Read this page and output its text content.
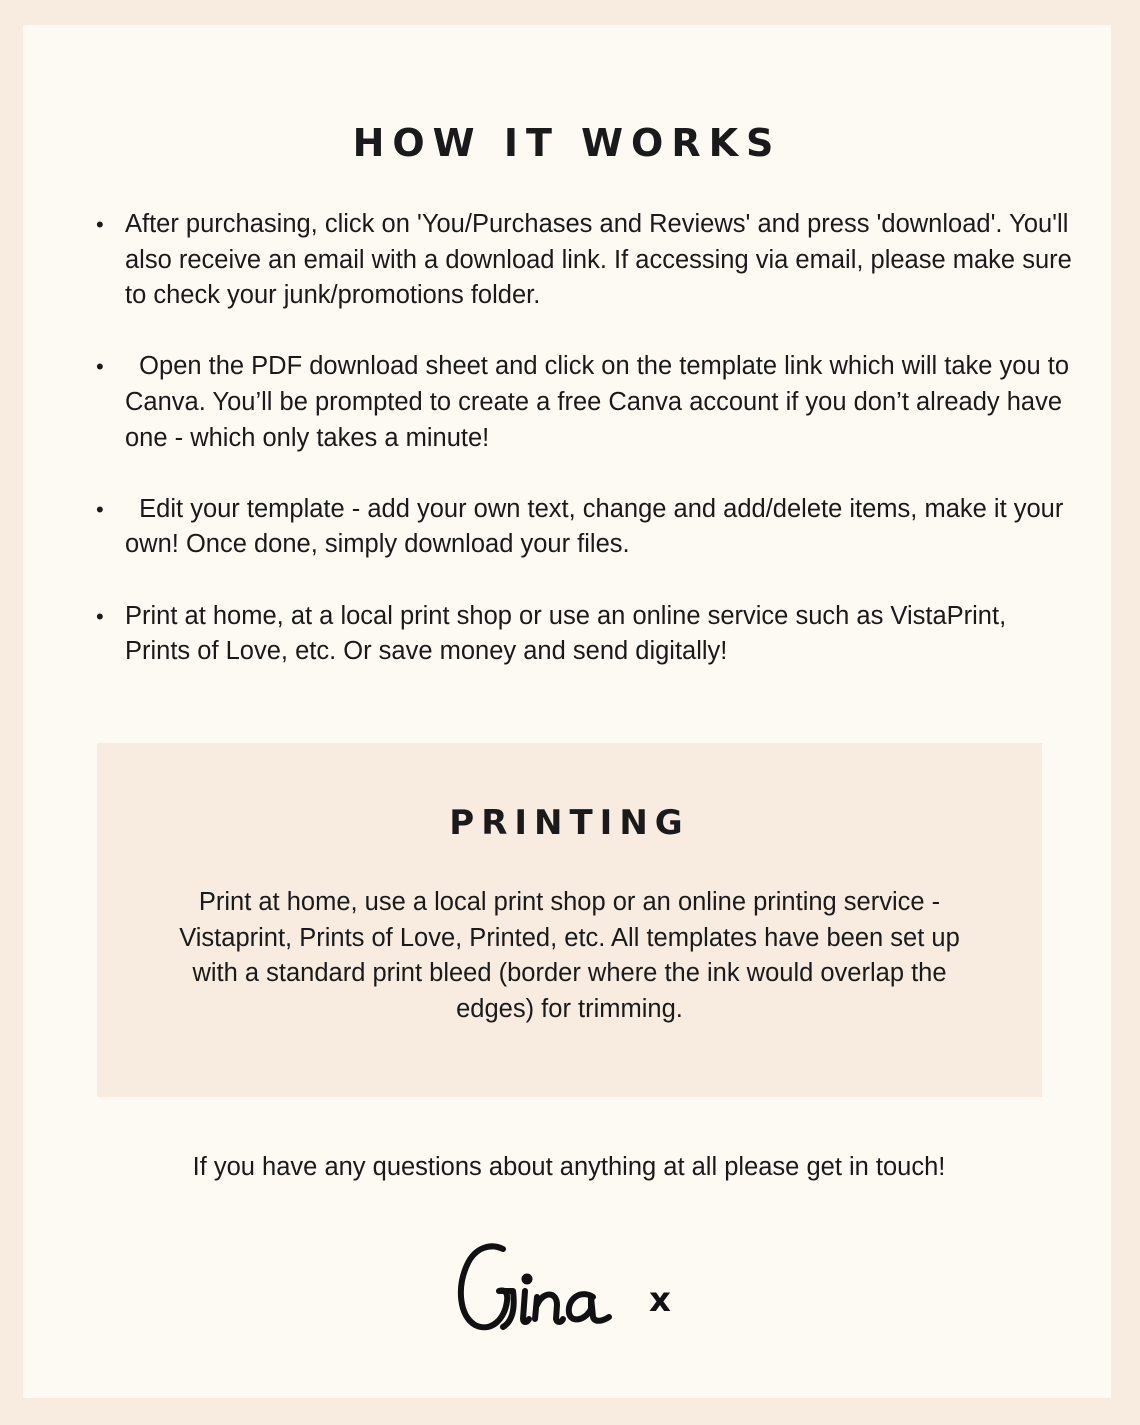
HOW IT WORKS
• After purchasing, click on 'You/Purchases and Reviews' and press 'download'. You'll also receive an email with a download link. If accessing via email, please make sure to check your junk/promotions folder.
• Open the PDF download sheet and click on the template link which will take you to Canva. You’ll be prompted to create a free Canva account if you don’t already have one - which only takes a minute!
• Edit your template - add your own text, change and add/delete items, make it your own! Once done, simply download your files.
• Print at home, at a local print shop or use an online service such as VistaPrint, Prints of Love, etc. Or save money and send digitally!
PRINTING

Print at home, use a local print shop or an online printing service - Vistaprint, Prints of Love, Printed, etc. All templates have been set up with a standard print bleed (border where the ink would overlap the edges) for trimming.

If you have any questions about anything at all please get in touch!

x
